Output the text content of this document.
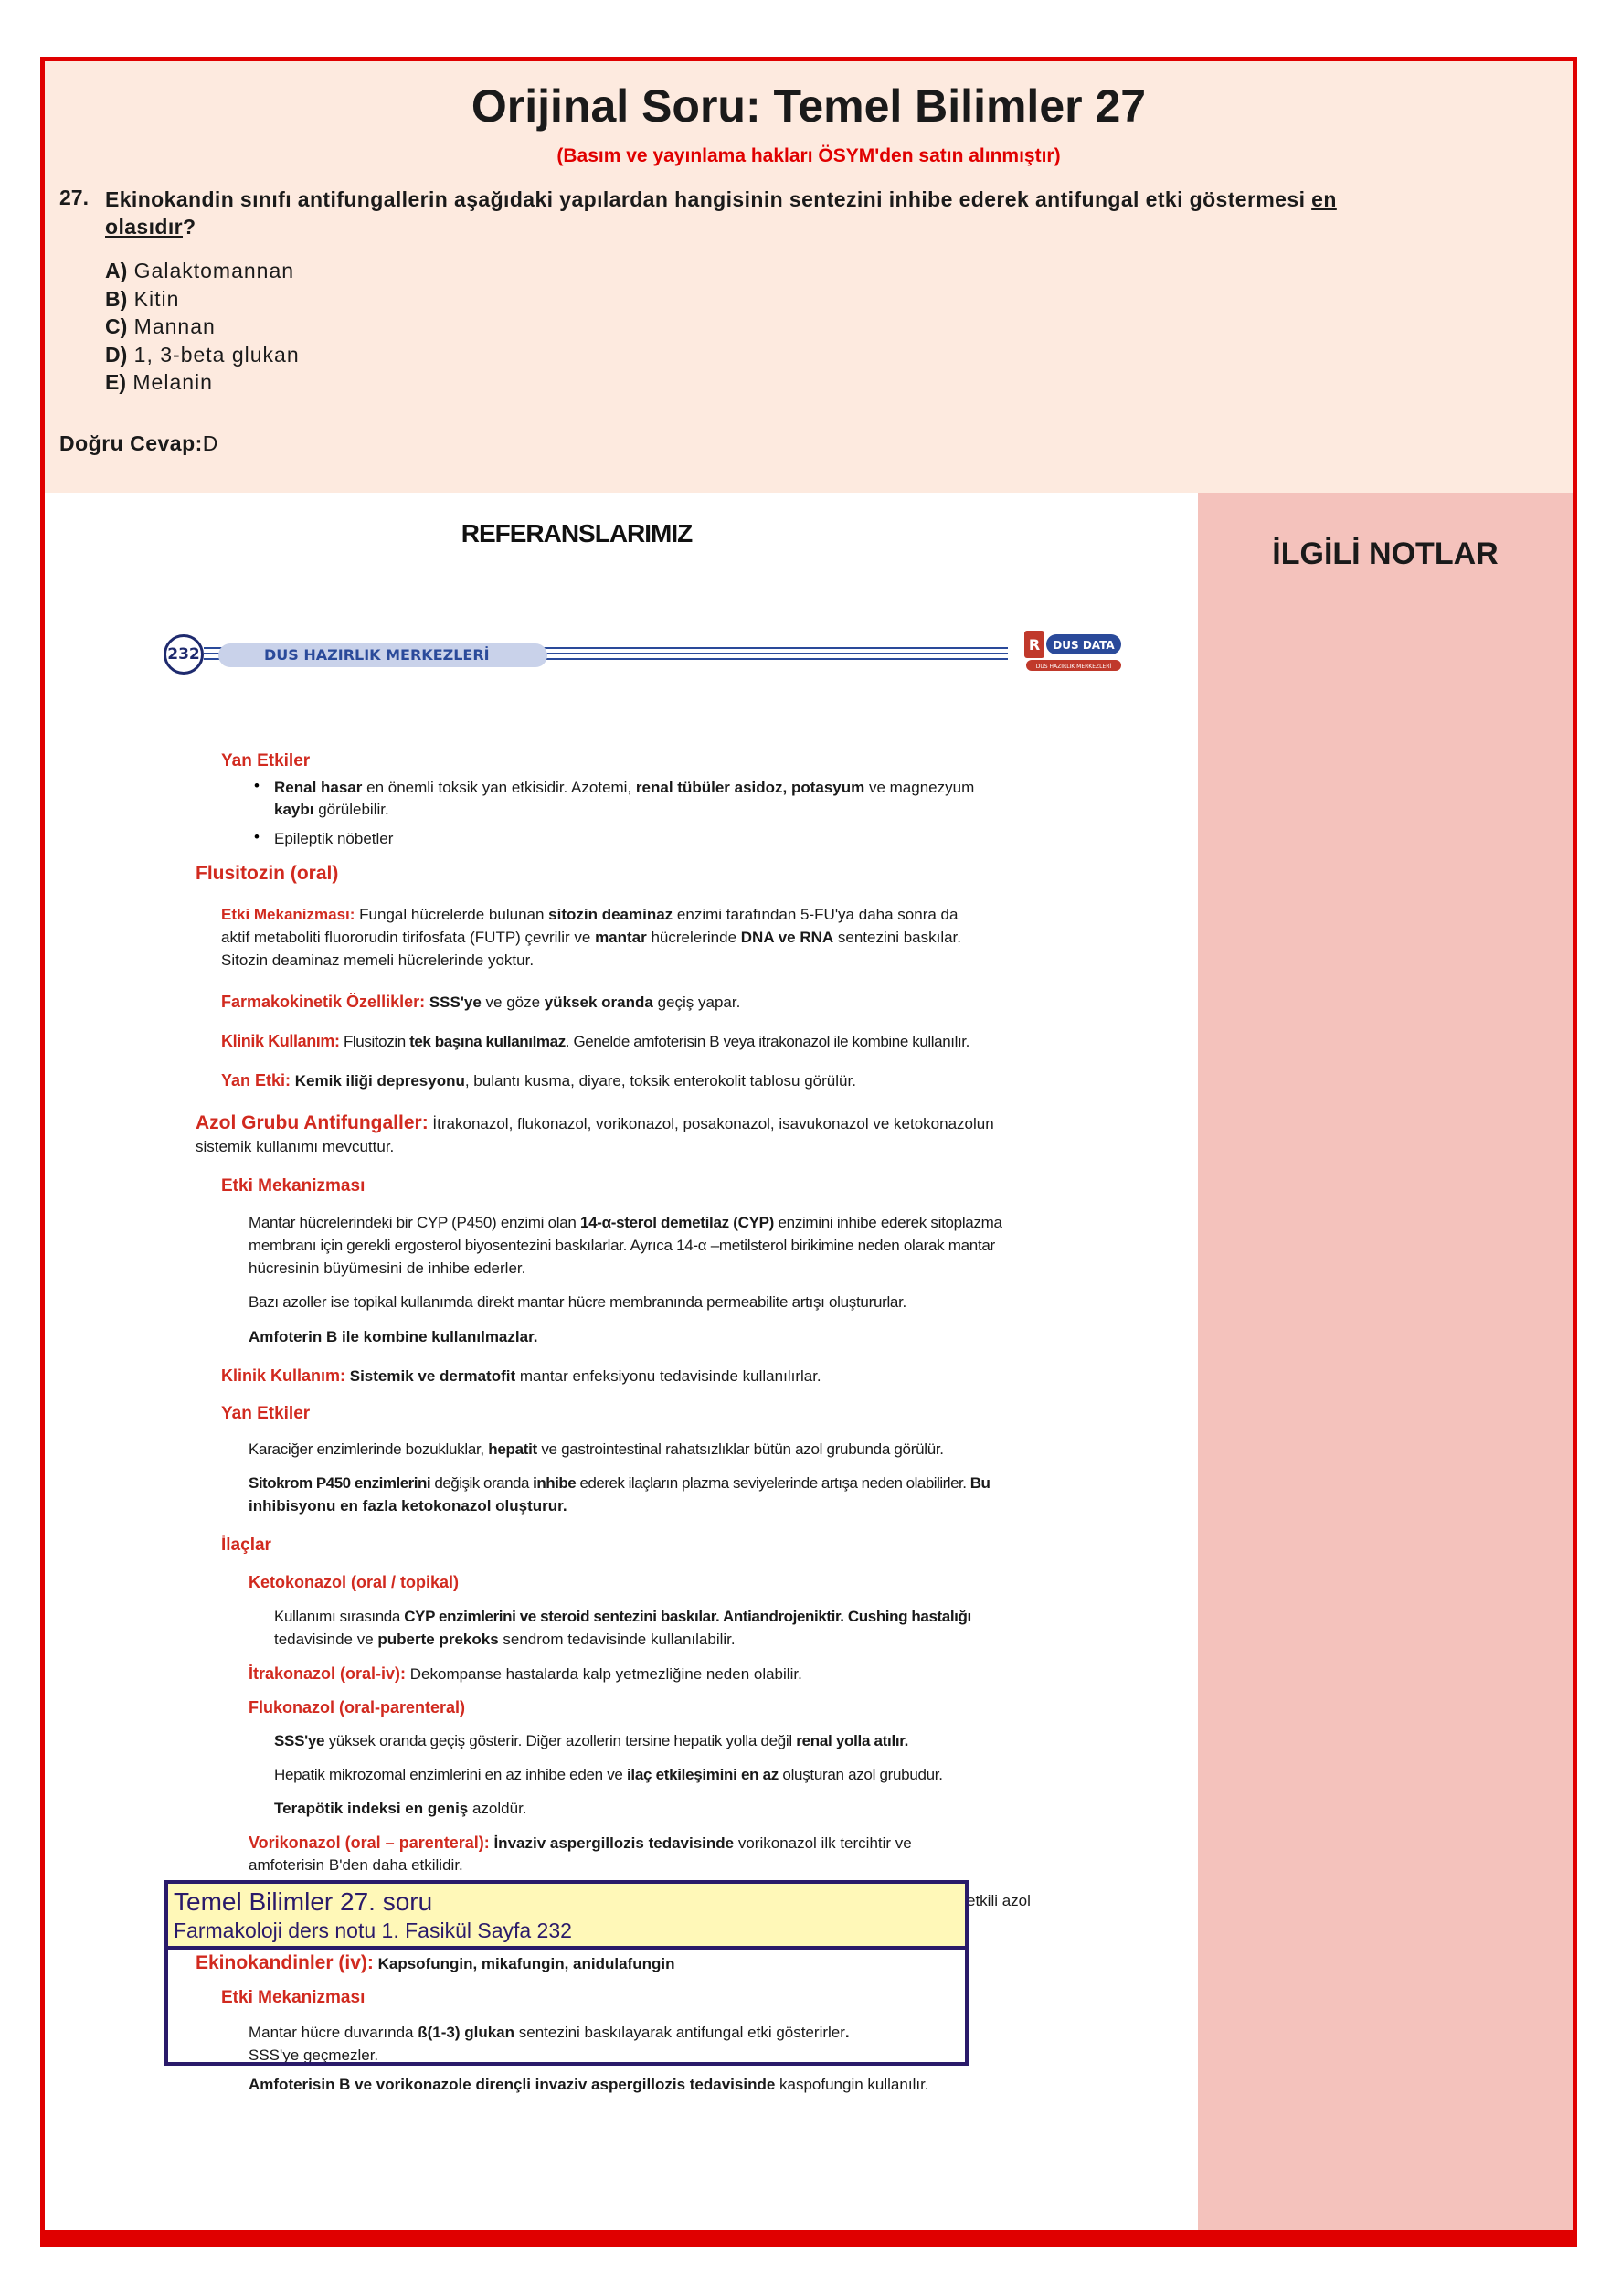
Orijinal Soru: Temel Bilimler 27
(Basım ve yayınlama hakları ÖSYM'den satın alınmıştır)
27. Ekinokandin sınıfı antifungallerin aşağıdaki yapılardan hangisinin sentezini inhibe ederek antifungal etki göstermesi en
olasıdır?
A) Galaktomannan
B) Kitin
C) Mannan
D) 1, 3-beta glukan
E) Melanin
Doğru Cevap:D
İLGİLİ NOTLAR
REFERANSLARIMIZ
DUS HAZIRLIK MERKEZLERİ
232
R DUS DATA
DUS HAZIRLIK MERKEZLERİ
Yan Etkiler
• Renal hasar en önemli toksik yan etkisidir. Azotemi, renal tübüler asidoz, potasyum ve magnezyum
kaybı görülebilir.
• Epileptik nöbetler
Flusitozin (oral)
Etki Mekanizması: Fungal hücrelerde bulunan sitozin deaminaz enzimi tarafından 5-FU'ya daha sonra da
aktif metaboliti fluororudin tirifosfata (FUTP) çevrilir ve mantar hücrelerinde DNA ve RNA sentezini baskılar.
Sitozin deaminaz memeli hücrelerinde yoktur.
Farmakokinetik Özellikler: SSS'ye ve göze yüksek oranda geçiş yapar.
Klinik Kullanım: Flusitozin tek başına kullanılmaz. Genelde amfoterisin B veya itrakonazol ile kombine kullanılır.
Yan Etki: Kemik iliği depresyonu, bulantı kusma, diyare, toksik enterokolit tablosu görülür.
Azol Grubu Antifungaller: İtrakonazol, flukonazol, vorikonazol, posakonazol, isavukonazol ve ketokonazolun
sistemik kullanımı mevcuttur.
Etki Mekanizması
Mantar hücrelerindeki bir CYP (P450) enzimi olan 14-α-sterol demetilaz (CYP) enzimini inhibe ederek sitoplazma
membranı için gerekli ergosterol biyosentezini baskılarlar. Ayrıca 14-α –metilsterol birikimine neden olarak mantar
hücresinin büyümesini de inhibe ederler.
Bazı azoller ise topikal kullanımda direkt mantar hücre membranında permeabilite artışı oluştururlar.
Amfoterin B ile kombine kullanılmazlar.
Klinik Kullanım: Sistemik ve dermatofit mantar enfeksiyonu tedavisinde kullanılırlar.
Yan Etkiler
Karaciğer enzimlerinde bozukluklar, hepatit ve gastrointestinal rahatsızlıklar bütün azol grubunda görülür.
Sitokrom P450 enzimlerini değişik oranda inhibe ederek ilaçların plazma seviyelerinde artışa neden olabilirler. Bu
inhibisyonu en fazla ketokonazol oluşturur.
İlaçlar
Ketokonazol (oral / topikal)
Kullanımı sırasında CYP enzimlerini ve steroid sentezini baskılar. Antiandrojeniktir. Cushing hastalığı
tedavisinde ve puberte prekoks sendrom tedavisinde kullanılabilir.
İtrakonazol (oral-iv): Dekompanse hastalarda kalp yetmezliğine neden olabilir.
Flukonazol (oral-parenteral)
SSS'ye yüksek oranda geçiş gösterir. Diğer azollerin tersine hepatik yolla değil renal yolla atılır.
Hepatik mikrozomal enzimlerini en az inhibe eden ve ilaç etkileşimini en az oluşturan azol grubudur.
Terapötik indeksi en geniş azoldür.
Vorikonazol (oral – parenteral): İnvaziv aspergillozis tedavisinde vorikonazol ilk tercihtir ve
amfoterisin B'den daha etkilidir.
etkili azol
Ekinokandinler (iv): Kapsofungin, mikafungin, anidulafungin
Etki Mekanizması
Mantar hücre duvarında ß(1-3) glukan sentezini baskılayarak antifungal etki gösterirler.
SSS'ye geçmezler.
Amfoterisin B ve vorikonazole dirençli invaziv aspergillozis tedavisinde kaspofungin kullanılır.
Temel Bilimler 27. soru
Farmakoloji ders notu 1. Fasikül Sayfa 232
